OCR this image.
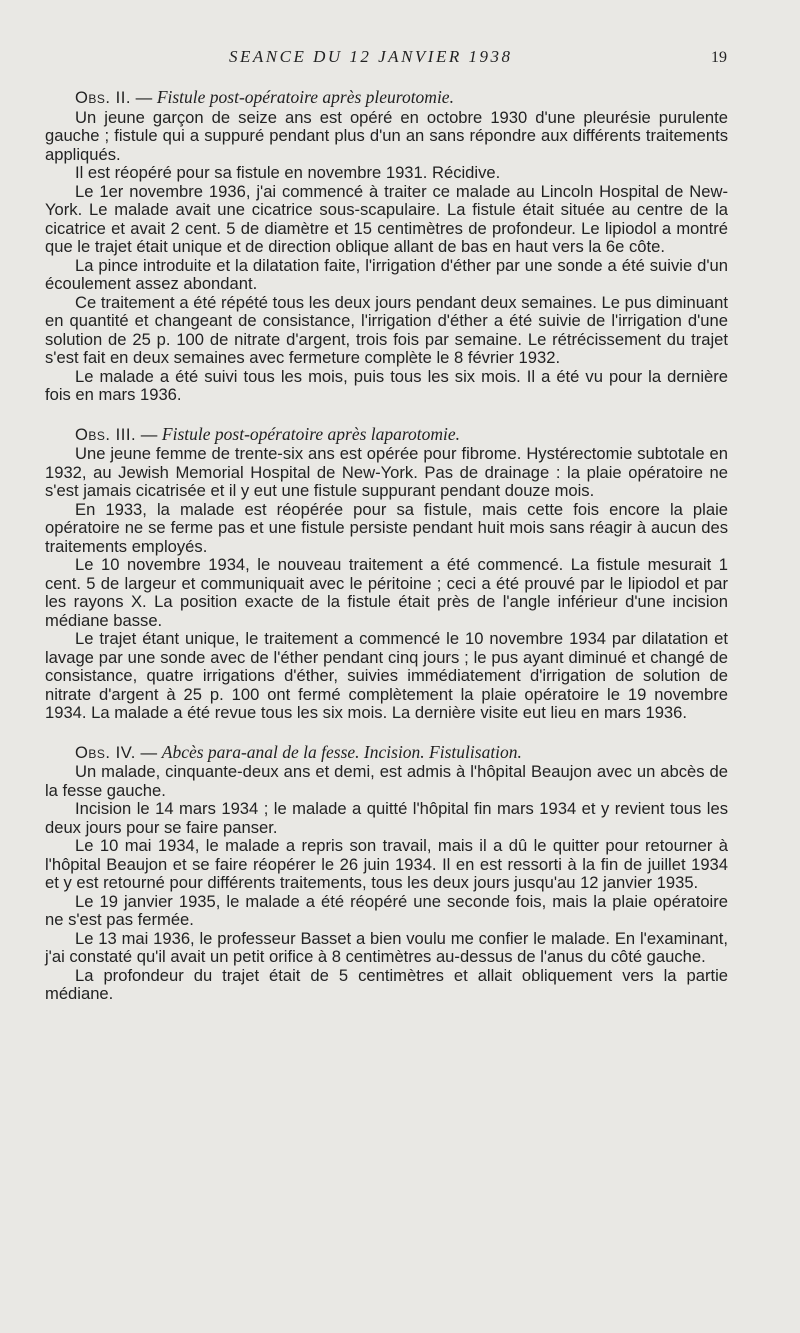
SEANCE DU 12 JANVIER 1938	19
Obs. II. — Fistule post-opératoire après pleurotomie.

Un jeune garçon de seize ans est opéré en octobre 1930 d'une pleurésie purulente gauche ; fistule qui a suppuré pendant plus d'un an sans répondre aux différents traitements appliqués.

Il est réopéré pour sa fistule en novembre 1931. Récidive.

Le 1er novembre 1936, j'ai commencé à traiter ce malade au Lincoln Hospital de New-York. Le malade avait une cicatrice sous-scapulaire. La fistule était située au centre de la cicatrice et avait 2 cent. 5 de diamètre et 15 centimètres de profondeur. Le lipiodol a montré que le trajet était unique et de direction oblique allant de bas en haut vers la 6e côte.

La pince introduite et la dilatation faite, l'irrigation d'éther par une sonde a été suivie d'un écoulement assez abondant.

Ce traitement a été répété tous les deux jours pendant deux semaines. Le pus diminuant en quantité et changeant de consistance, l'irrigation d'éther a été suivie de l'irrigation d'une solution de 25 p. 100 de nitrate d'argent, trois fois par semaine. Le rétrécissement du trajet s'est fait en deux semaines avec fermeture complète le 8 février 1932.

Le malade a été suivi tous les mois, puis tous les six mois. Il a été vu pour la dernière fois en mars 1936.

Obs. III. — Fistule post-opératoire après laparotomie.

Une jeune femme de trente-six ans est opérée pour fibrome. Hystérectomie subtotale en 1932, au Jewish Memorial Hospital de New-York. Pas de drainage : la plaie opératoire ne s'est jamais cicatrisée et il y eut une fistule suppurant pendant douze mois.

En 1933, la malade est réopérée pour sa fistule, mais cette fois encore la plaie opératoire ne se ferme pas et une fistule persiste pendant huit mois sans réagir à aucun des traitements employés.

Le 10 novembre 1934, le nouveau traitement a été commencé. La fistule mesurait 1 cent. 5 de largeur et communiquait avec le péritoine ; ceci a été prouvé par le lipiodol et par les rayons X. La position exacte de la fistule était près de l'angle inférieur d'une incision médiane basse.

Le trajet étant unique, le traitement a commencé le 10 novembre 1934 par dilatation et lavage par une sonde avec de l'éther pendant cinq jours ; le pus ayant diminué et changé de consistance, quatre irrigations d'éther, suivies immédiatement d'irrigation de solution de nitrate d'argent à 25 p. 100 ont fermé complètement la plaie opératoire le 19 novembre 1934. La malade a été revue tous les six mois. La dernière visite eut lieu en mars 1936.

Obs. IV. — Abcès para-anal de la fesse. Incision. Fistulisation.

Un malade, cinquante-deux ans et demi, est admis à l'hôpital Beaujon avec un abcès de la fesse gauche.

Incision le 14 mars 1934 ; le malade a quitté l'hôpital fin mars 1934 et y revient tous les deux jours pour se faire panser.

Le 10 mai 1934, le malade a repris son travail, mais il a dû le quitter pour retourner à l'hôpital Beaujon et se faire réopérer le 26 juin 1934. Il en est ressorti à la fin de juillet 1934 et y est retourné pour différents traitements, tous les deux jours jusqu'au 12 janvier 1935.

Le 19 janvier 1935, le malade a été réopéré une seconde fois, mais la plaie opératoire ne s'est pas fermée.

Le 13 mai 1936, le professeur Basset a bien voulu me confier le malade. En l'examinant, j'ai constaté qu'il avait un petit orifice à 8 centimètres au-dessus de l'anus du côté gauche.

La profondeur du trajet était de 5 centimètres et allait obliquement vers la partie médiane.
